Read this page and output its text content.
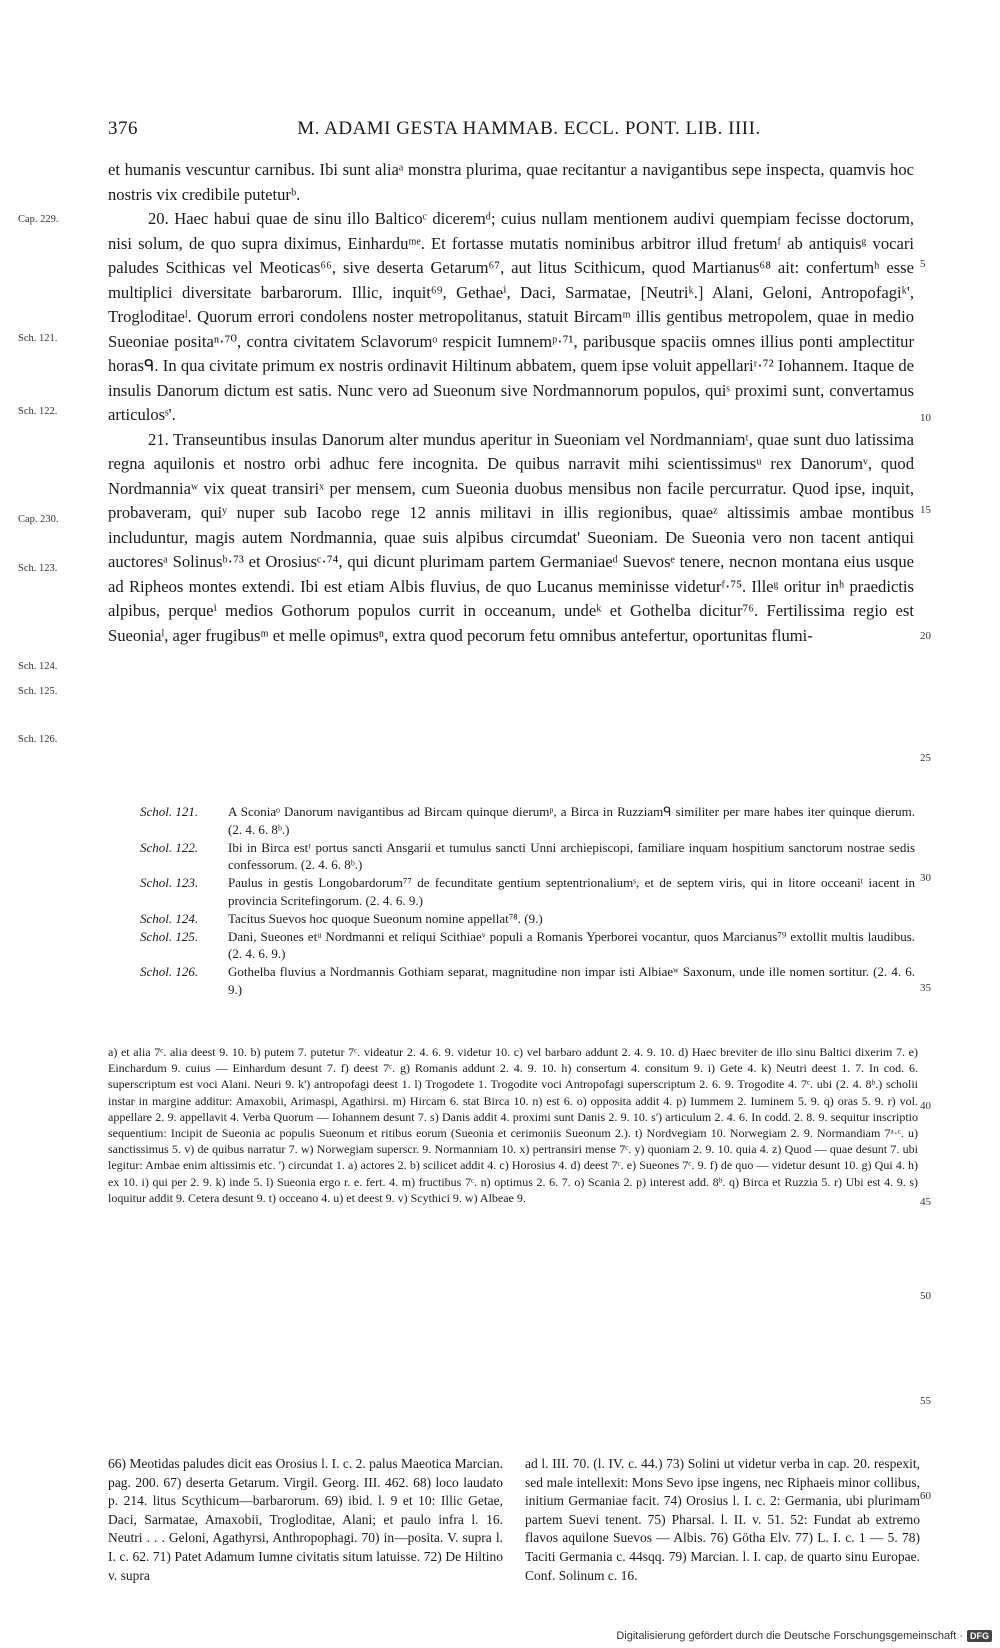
376	M. ADAMI GESTA HAMMAB. ECCL. PONT. LIB. IIII.

et humanis vescuntur carnibus. Ibi sunt aliaᵃ monstra plurima, quae recitantur a navigantibus sepe inspecta, quamvis hoc nostris vix credibile puteturᵇ.

20. Haec habui quae de sinu illo Balticoᶜ diceremᵈ; cuius nullam mentionem audivi quempiam fecisse doctorum, nisi solum, de quo supra diximus, Einharduᵐᵉ. Et fortasse mutatis nominibus arbitror illud fretumᶠ ab antiquisᵍ vocari paludes Scithicas vel Meoticas⁶⁶, sive deserta Getarum⁶⁷, aut litus Scithicum, quod Martianus⁶⁸ ait: confertumʰ esse multiplici diversitate barbarorum. Illic, inquit⁶⁹, Gethaeⁱ, Daci, Sarmatae, [Neutriᵏ.] Alani, Geloni, Antropofagiᵏ', Trogloditaeˡ. Quorum errori condolens noster metropolitanus, statuit Bircamᵐ illis gentibus metropolem, quae in medio Sueoniae positaⁿ·⁷⁰, contra civitatem Sclavorumᵒ respicit Iumnemᵖ·⁷¹, paribusque spaciis omnes illius ponti amplectitur horasᑫ. In qua civitate primum ex nostris ordinavit Hiltinum abbatem, quem ipse voluit appellariʳ·⁷² Iohannem. Itaque de insulis Danorum dictum est satis. Nunc vero ad Sueonum sive Nordmannorum populos, quiˢ proximi sunt, convertamus articulosˢ'.

21. Transeuntibus insulas Danorum alter mundus aperitur in Sueoniam vel Nordmanniamᵗ, quae sunt duo latissima regna aquilonis et nostro orbi adhuc fere incognita. De quibus narravit mihi scientissimusᵘ rex Danorumᵛ, quod Nordmanniaʷ vix queat transiriˣ per mensem, cum Sueonia duobus mensibus non facile percurratur. Quod ipse, inquit, probaveram, quiʸ nuper sub Iacobo rege 12 annis militavi in illis regionibus, quaeᶻ altissimis ambae montibus includuntur, magis autem Nordmannia, quae suis alpibus circumdat' Sueoniam. De Sueonia vero non tacent antiqui auctoresᵃ Solinusᵇ·⁷³ et Orosiusᶜ·⁷⁴, qui dicunt plurimam partem Germaniaeᵈ Suevosᵉ tenere, necnon montana eius usque ad Ripheos montes extendi. Ibi est etiam Albis fluvius, de quo Lucanus meminisse videturᶠ·⁷⁵. Illeᵍ oritur inʰ praedictis alpibus, perqueⁱ medios Gothorum populos currit in occeanum, undeᵏ et Gothelba dicitur⁷⁶. Fertilissima regio est Sueoniaˡ, ager frugibusᵐ et melle opimusⁿ, extra quod pecorum fetu omnibus antefertur, oportunitas flumi-

Cap. 229.
Sch. 121.
Sch. 122.
Cap. 230.
Sch. 123.
Sch. 124.
Sch. 125.
Sch. 126.
5
10
15
20
25
30
35
40
45
50
55
60

Schol. 121. A Sconiaᵒ Danorum navigantibus ad Bircam quinque dierumᵖ, a Birca in Ruzziamᑫ similiter per mare habes iter quinque dierum. (2. 4. 6. 8ᵇ.)

Schol. 122. Ibi in Birca estʳ portus sancti Ansgarii et tumulus sancti Unni archiepiscopi, familiare inquam hospitium sanctorum nostrae sedis confessorum. (2. 4. 6. 8ᵇ.)

Schol. 123. Paulus in gestis Longobardorum⁷⁷ de fecunditate gentium septentrionaliumˢ, et de septem viris, qui in litore occeaniᵗ iacent in provincia Scritefingorum. (2. 4. 6. 9.)

Schol. 124. Tacitus Suevos hoc quoque Sueonum nomine appellat⁷⁸. (9.)

Schol. 125. Dani, Sueones etᵘ Nordmanni et reliqui Scithiaeᵛ populi a Romanis Yperborei vocantur, quos Marcianus⁷⁹ extollit multis laudibus. (2. 4. 6. 9.)

Schol. 126. Gothelba fluvius a Nordmannis Gothiam separat, magnitudine non impar isti Albiaeʷ Saxonum, unde ille nomen sortitur. (2. 4. 6. 9.)

a) et alia 7ᶜ. alia deest 9. 10. b) putem 7. putetur 7ᶜ. videatur 2. 4. 6. 9. videtur 10. c) vel barbaro addunt 2. 4. 9. 10. d) Haec breviter de illo sinu Baltici dixerim 7. e) Einchardum 9. cuius — Einhardum desunt 7. f) deest 7ᶜ. g) Romanis addunt 2. 4. 9. 10. h) consertum 4. consitum 9. i) Gete 4. k) Neutri deest 1. 7. In cod. 6. superscriptum est voci Alani. Neuri 9. k') antropofagi deest 1. l) Trogodete 1. Trogodite voci Antropofagi superscriptum 2. 6. 9. Trogodite 4. 7ᶜ. ubi (2. 4. 8ᵇ.) scholii instar in margine additur: Amaxobii, Arimaspi, Agathirsi. m) Hircam 6. stat Birca 10. n) est 6. o) opposita addit 4. p) Iummem 2. Iuminem 5. 9. q) oras 5. 9. r) vol. appellare 2. 9. appellavit 4. Verba Quorum — Iohannem desunt 7. s) Danis addit 4. proximi sunt Danis 2. 9. 10. s') articulum 2. 4. 6. In codd. 2. 8. 9. sequitur inscriptio sequentium: Incipit de Sueonia ac populis Sueonum et ritibus eorum (Sueonia et cerimoniis Sueonum 2.). t) Nordvegiam 10. Norwegiam 2. 9. Normandiam 7ᵃ·ᶜ. u) sanctissimus 5. v) de quibus narratur 7. w) Norwegiam superscr. 9. Normanniam 10. x) pertransiri mense 7ᶜ. y) quoniam 2. 9. 10. quia 4. z) Quod — quae desunt 7. ubi legitur: Ambae enim altissimis etc. ') circundat 1. a) actores 2. b) scilicet addit 4. c) Horosius 4. d) deest 7ᶜ. e) Sueones 7ᶜ. 9. f) de quo — videtur desunt 10. g) Qui 4. h) ex 10. i) qui per 2. 9. k) inde 5. l) Sueonia ergo r. e. fert. 4. m) fructibus 7ᶜ. n) optimus 2. 6. 7. o) Scania 2. p) interest add. 8ᵇ. q) Birca et Ruzzia 5. r) Ubi est 4. 9. s) loquitur addit 9. Cetera desunt 9. t) occeano 4. u) et deest 9. v) Scythici 9. w) Albeae 9.

66) Meotidas paludes dicit eas Orosius l. I. c. 2. palus Maeotica Marcian. pag. 200. 67) deserta Getarum. Virgil. Georg. III. 462. 68) loco laudato p. 214. litus Scythicum—barbarorum. 69) ibid. l. 9 et 10: Illic Getae, Daci, Sarmatae, Amaxobii, Trogloditae, Alani; et paulo infra l. 16. Neutri . . . Geloni, Agathyrsi, Anthropophagi. 70) in—posita. V. supra l. I. c. 62. 71) Patet Adamum Iumne civitatis situm latuisse. 72) De Hiltino v. supra

ad l. III. 70. (l. IV. c. 44.) 73) Solini ut videtur verba in cap. 20. respexit, sed male intellexit: Mons Sevo ipse ingens, nec Riphaeis minor collibus, initium Germaniae facit. 74) Orosius l. I. c. 2: Germania, ubi plurimam partem Suevi tenent. 75) Pharsal. l. II. v. 51. 52: Fundat ab extremo flavos aquilone Suevos — Albis. 76) Götha Elv. 77) L. I. c. 1 — 5. 78) Taciti Germania c. 44sqq. 79) Marcian. l. I. cap. de quarto sinu Europae. Conf. Solinum c. 16.

Digitalisierung gefördert durch die Deutsche Forschungsgemeinschaft · DFG
